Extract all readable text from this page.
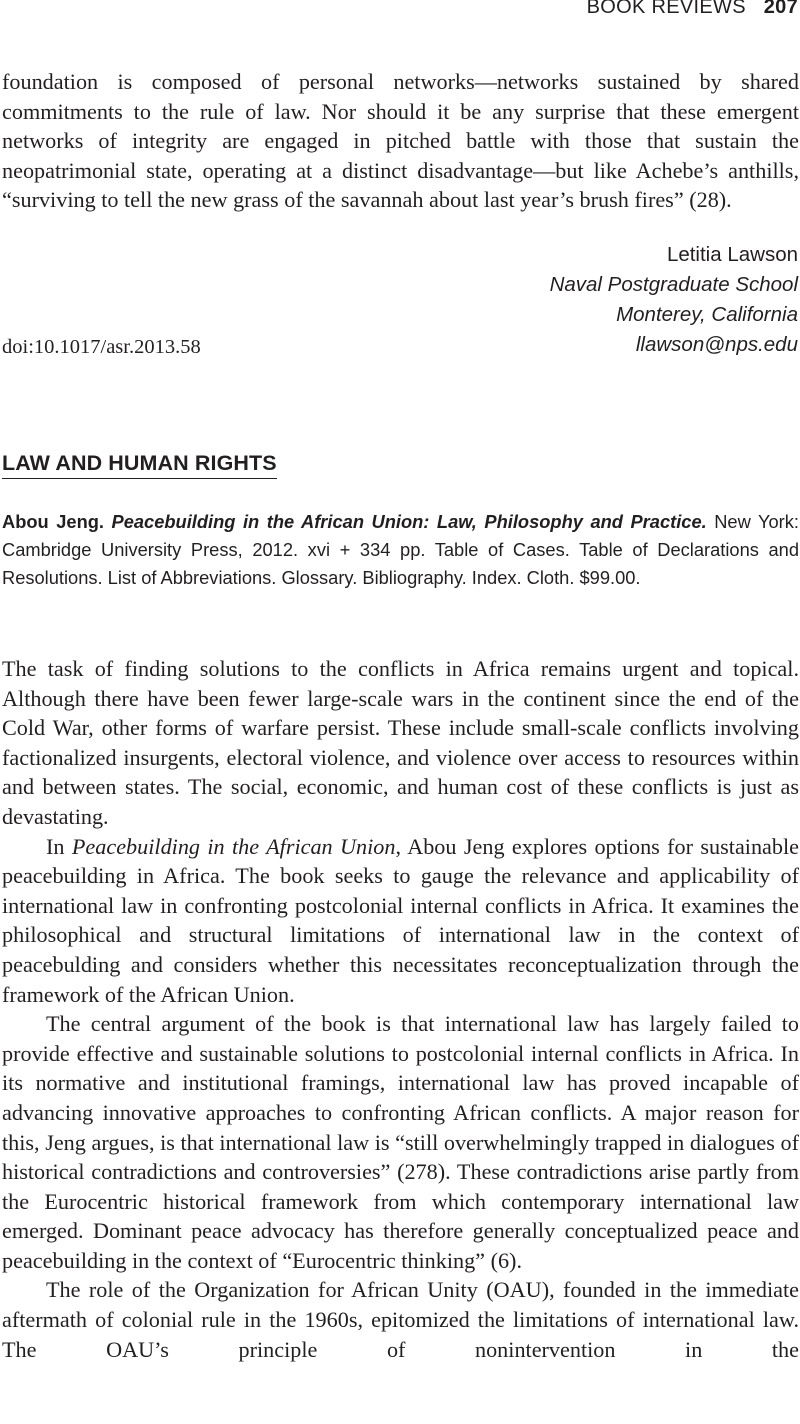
BOOK REVIEWS 207

foundation is composed of personal networks—networks sustained by shared commitments to the rule of law. Nor should it be any surprise that these emergent networks of integrity are engaged in pitched battle with those that sustain the neopatrimonial state, operating at a distinct disadvantage—but like Achebe’s anthills, “surviving to tell the new grass of the savannah about last year’s brush fires” (28).

Letitia Lawson
Naval Postgraduate School
Monterey, California
llawson@nps.edu
doi:10.1017/asr.2013.58
LAW AND HUMAN RIGHTS
Abou Jeng. Peacebuilding in the African Union: Law, Philosophy and Practice. New York: Cambridge University Press, 2012. xvi + 334 pp. Table of Cases. Table of Declarations and Resolutions. List of Abbreviations. Glossary. Bibliography. Index. Cloth. $99.00.

The task of finding solutions to the conflicts in Africa remains urgent and topical. Although there have been fewer large-scale wars in the continent since the end of the Cold War, other forms of warfare persist. These include small-scale conflicts involving factionalized insurgents, electoral violence, and violence over access to resources within and between states. The social, economic, and human cost of these conflicts is just as devastating.

In Peacebuilding in the African Union, Abou Jeng explores options for sustainable peacebuilding in Africa. The book seeks to gauge the relevance and applicability of international law in confronting postcolonial internal conflicts in Africa. It examines the philosophical and structural limitations of international law in the context of peacebulding and considers whether this necessitates reconceptualization through the framework of the African Union.

The central argument of the book is that international law has largely failed to provide effective and sustainable solutions to postcolonial internal conflicts in Africa. In its normative and institutional framings, international law has proved incapable of advancing innovative approaches to confronting African conflicts. A major reason for this, Jeng argues, is that international law is “still overwhelmingly trapped in dialogues of historical contradictions and controversies” (278). These contradictions arise partly from the Eurocentric historical framework from which contemporary international law emerged. Dominant peace advocacy has therefore generally conceptualized peace and peacebuilding in the context of “Eurocentric thinking” (6).

The role of the Organization for African Unity (OAU), founded in the immediate aftermath of colonial rule in the 1960s, epitomized the limitations of international law. The OAU’s principle of nonintervention in the
